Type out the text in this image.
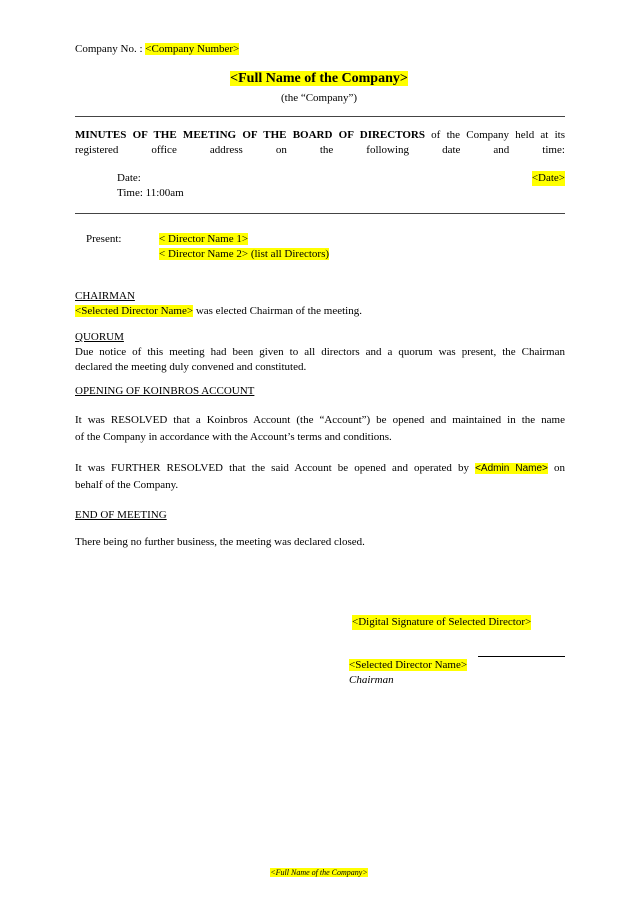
Company No. : <Company Number>
<Full Name of the Company>
(the “Company”)

MINUTES OF THE MEETING OF THE BOARD OF DIRECTORS of the Company held at its

registered	office	address	on	the	following	date	and	time:

Date:	<Date>
Time: 11:00am
Present:	< Director Name 1>
< Director Name 2> (list all Directors)
CHAIRMAN
<Selected Director Name> was elected Chairman of the meeting.
QUORUM

Due notice of this meeting had been given to all directors and a quorum was present, the Chairman

declared the meeting duly convened and constituted.

OPENING OF KOINBROS ACCOUNT

It was RESOLVED that a Koinbros Account (the “Account”) be opened and maintained in the name

of the Company in accordance with the Account’s terms and conditions.

It was FURTHER RESOLVED that the said Account be opened and operated by <Admin Name> on

behalf of the Company.

END OF MEETING
There being no further business, the meeting was declared closed.
<Digital Signature of Selected Director>
<Selected Director Name>
Chairman
<Full Name of the Company>
